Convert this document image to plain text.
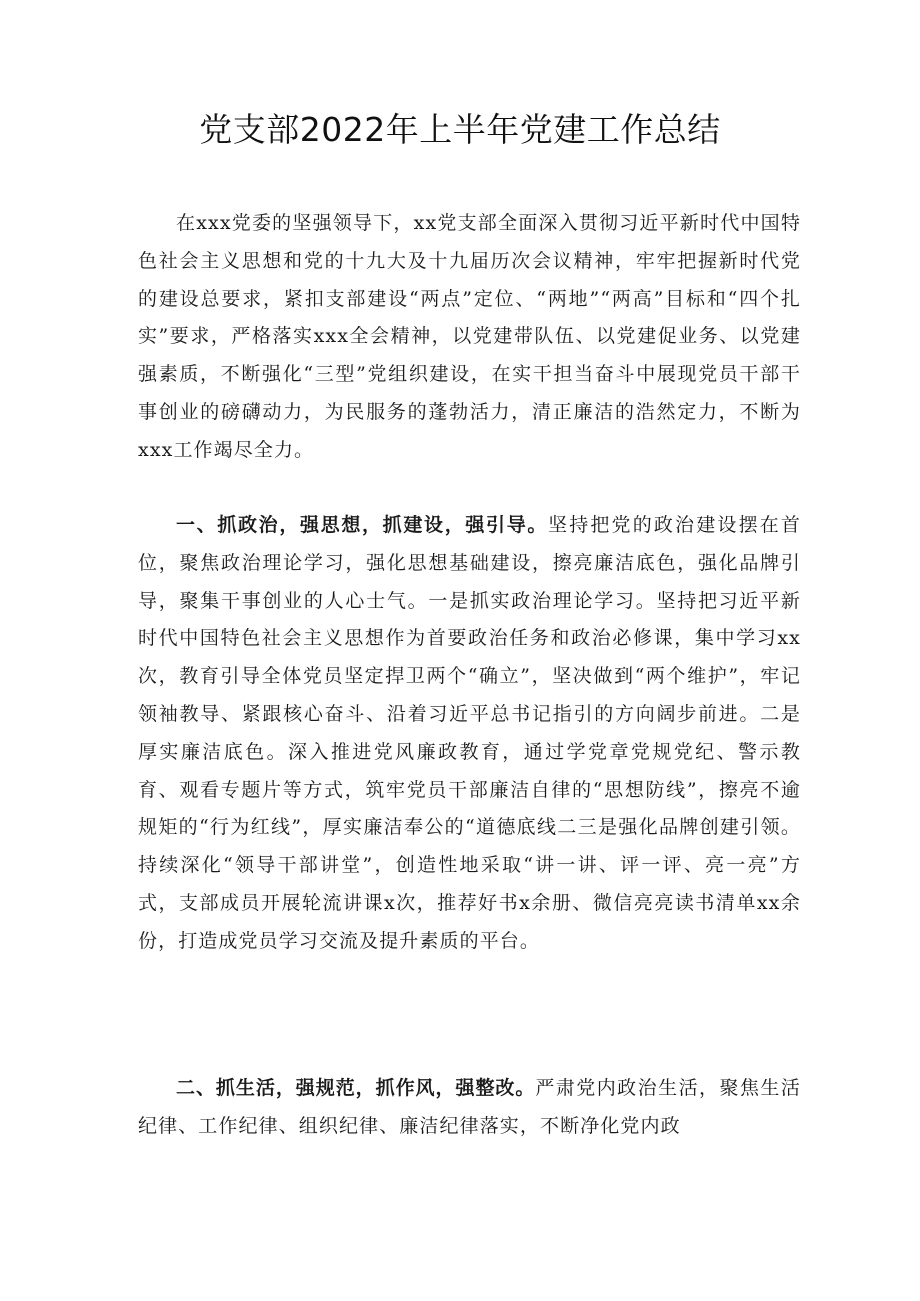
党支部2022年上半年党建工作总结

在xxx党委的坚强领导下，xx党支部全面深入贯彻习近平新时代中国特色社会主义思想和党的十九大及十九届历次会议精神，牢牢把握新时代党的建设总要求，紧扣支部建设“两点”定位、“两地”“两高”目标和“四个扎实”要求，严格落实xxx全会精神，以党建带队伍、以党建促业务、以党建强素质，不断强化“三型”党组织建设，在实干担当奋斗中展现党员干部干事创业的磅礴动力，为民服务的蓬勃活力，清正廉洁的浩然定力，不断为xxx工作竭尽全力。

一、抓政治，强思想，抓建设，强引导。坚持把党的政治建设摆在首位，聚焦政治理论学习，强化思想基础建设，擦亮廉洁底色，强化品牌引导，聚集干事创业的人心士气。一是抓实政治理论学习。坚持把习近平新时代中国特色社会主义思想作为首要政治任务和政治必修课，集中学习xx次，教育引导全体党员坚定捍卫两个“确立”，坚决做到“两个维护”，牢记领袖教导、紧跟核心奋斗、沿着习近平总书记指引的方向阔步前进。二是厚实廉洁底色。深入推进党风廉政教育，通过学党章党规党纪、警示教育、观看专题片等方式，筑牢党员干部廉洁自律的“思想防线”，擦亮不逾规矩的“行为红线”，厚实廉洁奉公的“道德底线二三是强化品牌创建引领。持续深化“领导干部讲堂”，创造性地采取“讲一讲、评一评、亮一亮”方式，支部成员开展轮流讲课x次，推荐好书x余册、微信亮亮读书清单xx余份，打造成党员学习交流及提升素质的平台。

二、抓生活，强规范，抓作风，强整改。严肃党内政治生活，聚焦生活纪律、工作纪律、组织纪律、廉洁纪律落实，不断净化党内政
